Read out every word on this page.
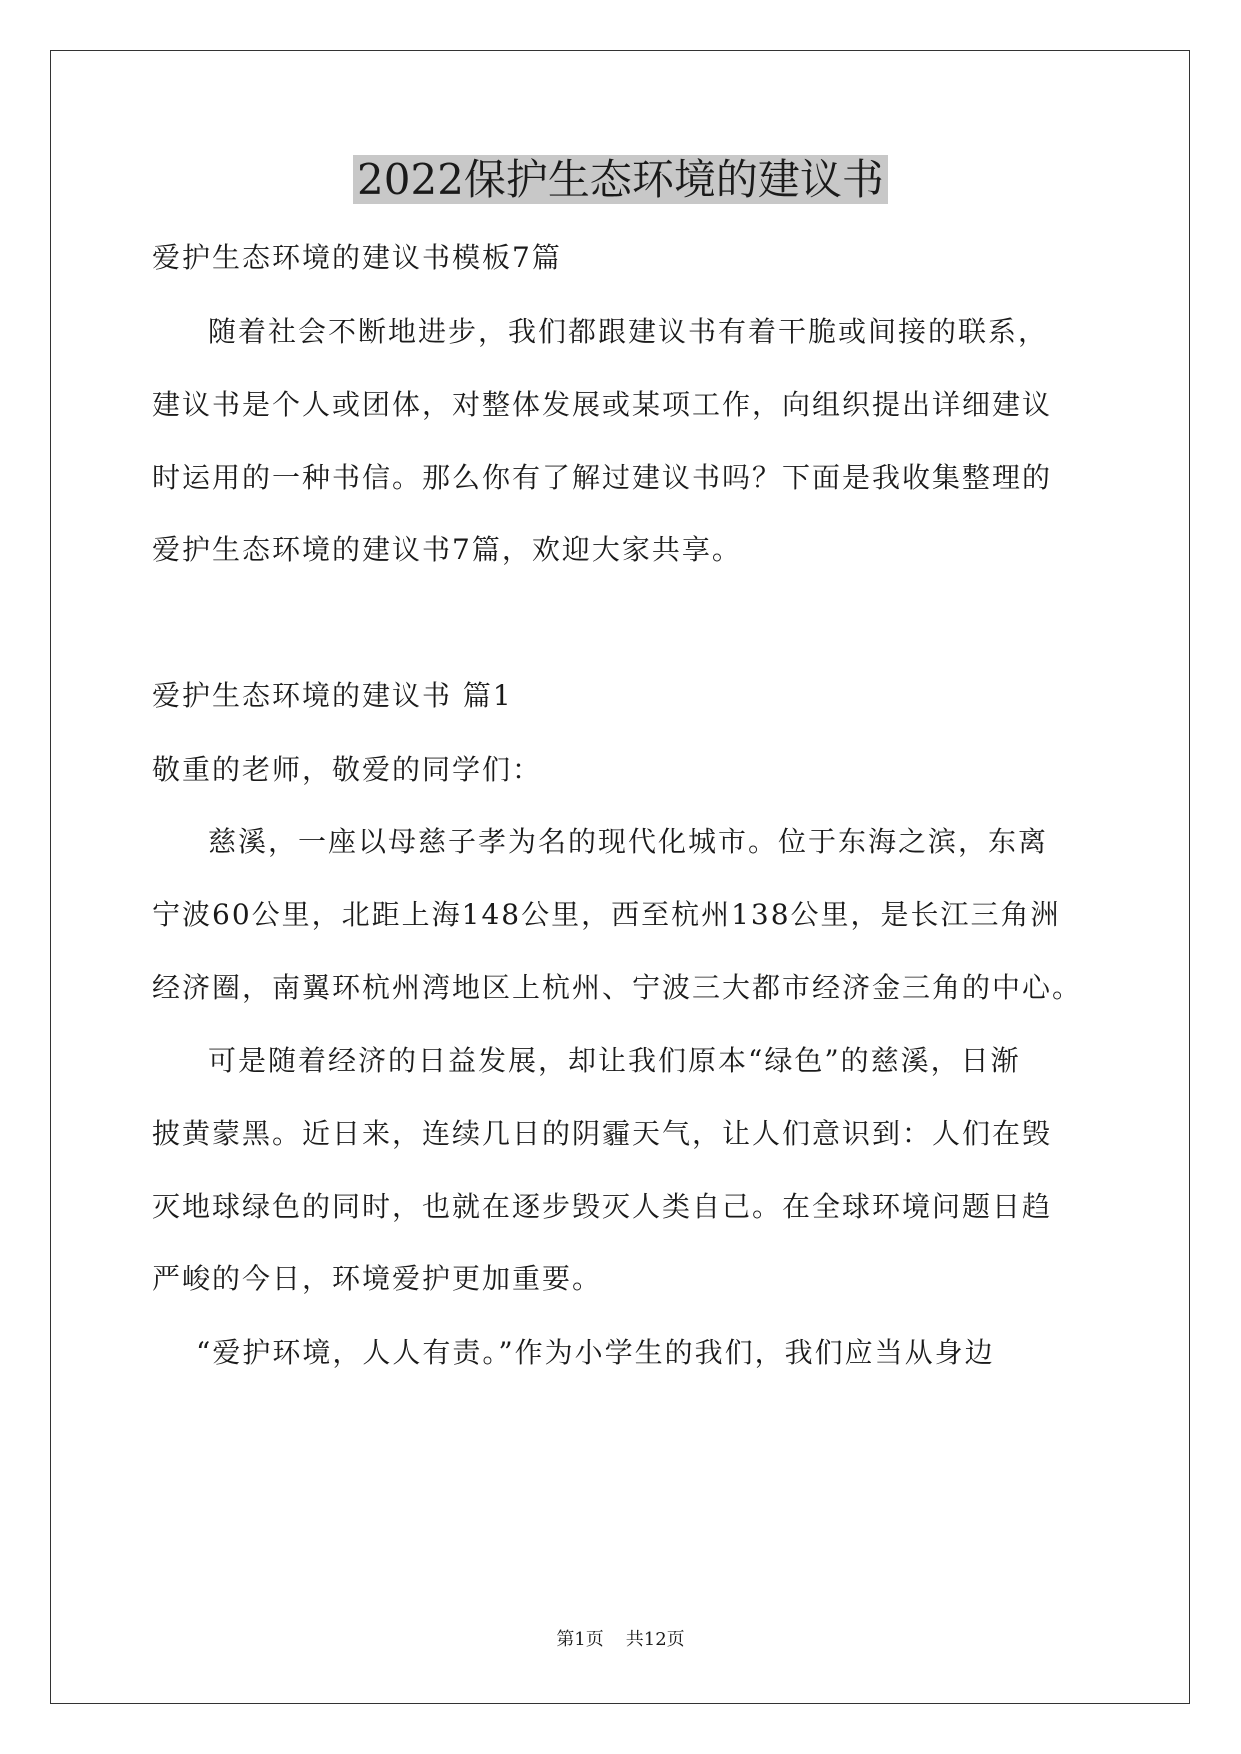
2022保护生态环境的建议书
爱护生态环境的建议书模板7篇
随着社会不断地进步，我们都跟建议书有着干脆或间接的联系，
建议书是个人或团体，对整体发展或某项工作，向组织提出详细建议
时运用的一种书信。那么你有了解过建议书吗？下面是我收集整理的
爱护生态环境的建议书7篇，欢迎大家共享。
爱护生态环境的建议书 篇1
敬重的老师，敬爱的同学们：
慈溪，一座以母慈子孝为名的现代化城市。位于东海之滨，东离
宁波60公里，北距上海148公里，西至杭州138公里，是长江三角洲
经济圈，南翼环杭州湾地区上杭州、宁波三大都市经济金三角的中心。
可是随着经济的日益发展，却让我们原本“绿色”的慈溪，日渐
披黄蒙黑。近日来，连续几日的阴霾天气，让人们意识到：人们在毁
灭地球绿色的同时，也就在逐步毁灭人类自己。在全球环境问题日趋
严峻的今日，环境爱护更加重要。
“爱护环境，人人有责。”作为小学生的我们，我们应当从身边
第1页 共12页
